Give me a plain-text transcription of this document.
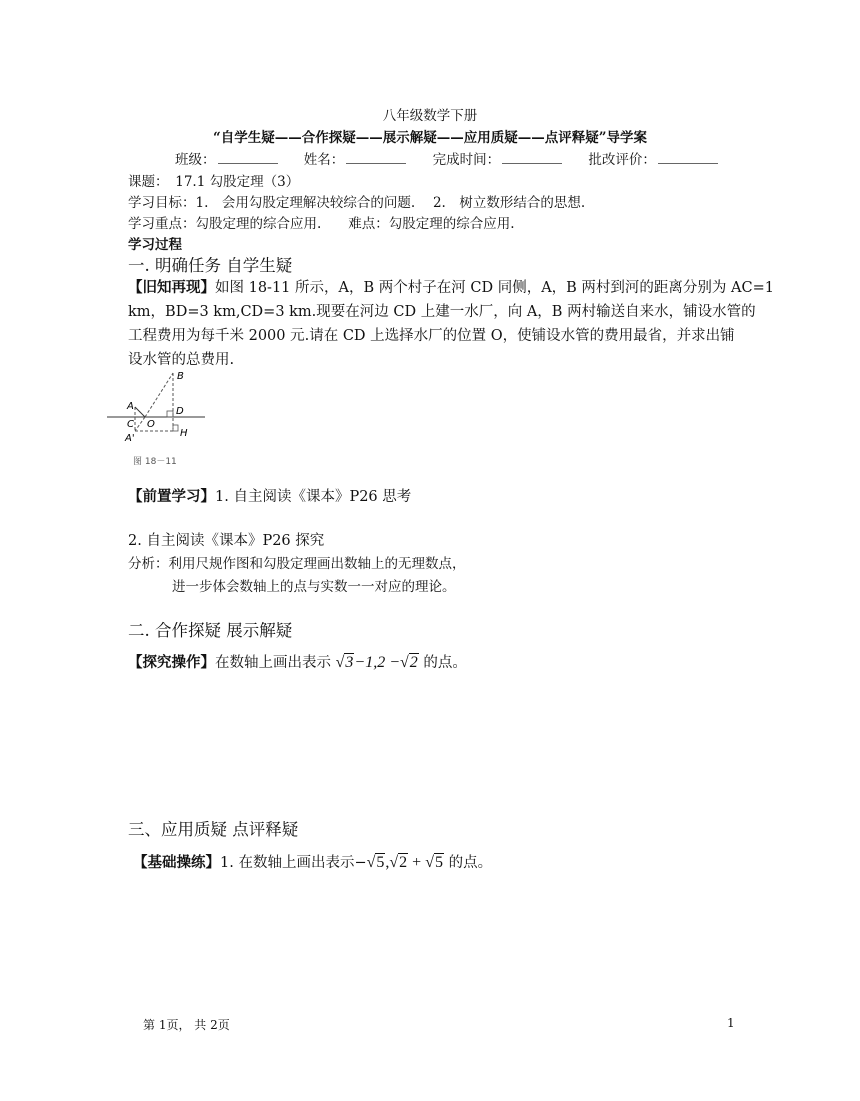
八年级数学下册
“自学生疑——合作探疑——展示解疑——应用质疑——点评释疑”导学案
班级：	姓名：	完成时间：	批改评价：
课题：　17.1 勾股定理（3）
学习目标：1.　会用勾股定理解决较综合的问题.　 2.　树立数形结合的思想.
学习重点：勾股定理的综合应用.　　难点：勾股定理的综合应用.
学习过程
一. 明确任务 自学生疑
【旧知再现】如图 18-11 所示，A，B 两个村子在河 CD 同侧，A，B 两村到河的距离分别为 AC=1
km，BD=3 km,CD=3 km.现要在河边 CD 上建一水厂，向 A，B 两村输送自来水，铺设水管的
工程费用为每千米 2000 元.请在 CD 上选择水厂的位置 O，使铺设水管的费用最省，并求出铺
设水管的总费用.
B
A
C O
D
A'	H
图 18－11
【前置学习】1. 自主阅读《课本》P26 思考
2. 自主阅读《课本》P26 探究
分析：利用尺规作图和勾股定理画出数轴上的无理数点，
进一步体会数轴上的点与实数一一对应的理论。
二. 合作探疑 展示解疑
【探究操作】在数轴上画出表示 √3−1,2 −√2 的点。
三、应用质疑 点评释疑
【基础操练】1. 在数轴上画出表示−√5,√2 + √5 的点。
第 1页， 共 2页	1
